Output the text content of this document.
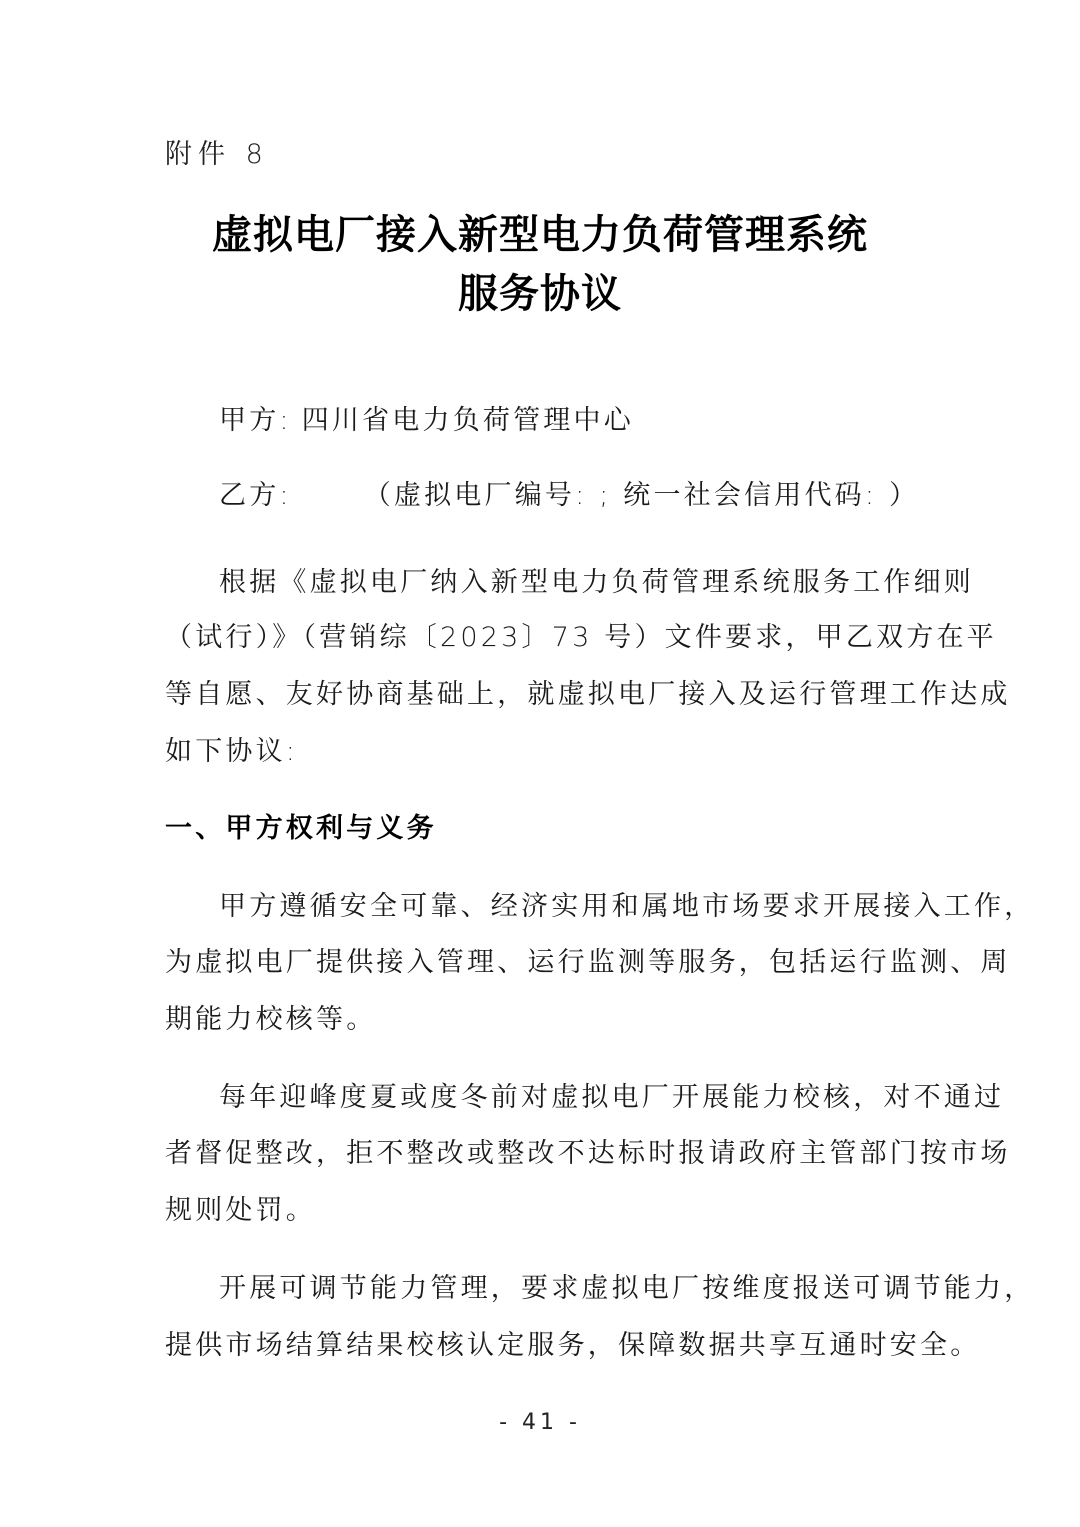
附件 8
虚拟电厂接入新型电力负荷管理系统
服务协议
甲方: 四川省电力负荷管理中心
乙方:	（虚拟电厂编号: ; 统一社会信用代码: ）
根据《虚拟电厂纳入新型电力负荷管理系统服务工作细则
（试行）》（营销综〔2023〕73 号）文件要求，甲乙双方在平
等自愿、友好协商基础上，就虚拟电厂接入及运行管理工作达成
如下协议:
一、甲方权利与义务
甲方遵循安全可靠、经济实用和属地市场要求开展接入工作，
为虚拟电厂提供接入管理、运行监测等服务，包括运行监测、周
期能力校核等。
每年迎峰度夏或度冬前对虚拟电厂开展能力校核，对不通过
者督促整改，拒不整改或整改不达标时报请政府主管部门按市场
规则处罚。
开展可调节能力管理，要求虚拟电厂按维度报送可调节能力，
提供市场结算结果校核认定服务，保障数据共享互通时安全。
- 41 -
